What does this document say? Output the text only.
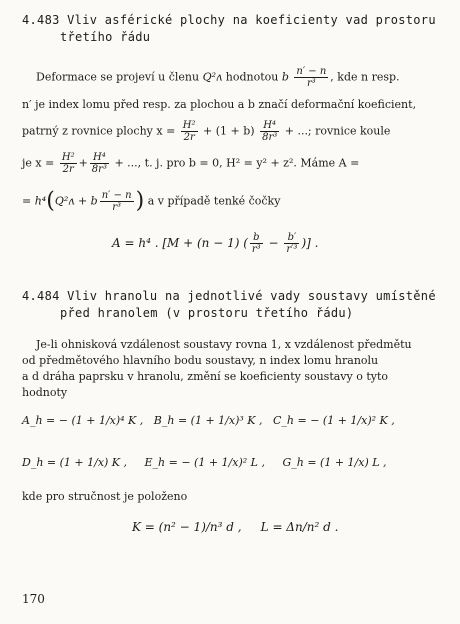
4.483 Vliv asférické plochy na koeficienty vad prostoru
třetího řádu
Deformace se projeví u členu Q²ʌ hodnotou b $\frac{n' - n}{\text{r³}}$ , kde n resp.
n′ je index lomu před resp. za plochou a b značí deformační koeficient,
patrný z rovnice plochy $x = \frac{\text{H²}}{2r} + (1 + b) \frac{\text{H⁴}}{\text{8r³}}$ + ...; rovnice koule
je $x = \frac{\text{H²}}{2r} + \frac{\text{H⁴}}{\text{8r³}}$ + ..., t. j. pro b = 0, H² = y² + z². Máme A =
= h⁴(Q²ʌ + b $\frac{n' - n}{\text{r³}}$ ) a v případě tenké čočky
A = h⁴ . [M + (n − 1) ( $\frac{b}{\text{r³}} - \frac{b'}{\text{r′³}}$ )] .
4.484 Vliv hranolu na jednotlivé vady soustavy umístěné
před hranolem (v prostoru třetího řádu)
Je-li ohnisková vzdálenost soustavy rovna 1, x vzdálenost předmětu
od předmětového hlavního bodu soustavy, n index lomu hranolu
a d dráha paprsku v hranolu, změní se koeficienty soustavy o tyto
hodnoty
A_h = − (1 + 1/x)⁴ K , B_h = (1 + 1/x)³ K , C_h = − (1 + 1/x)² K ,
D_h = (1 + 1/x) K , E_h = − (1 + 1/x)² L , G_h = (1 + 1/x) L ,
kde pro stručnost je položeno
K = (n² − 1)/n³ d , L = Δn/n² d .
170
